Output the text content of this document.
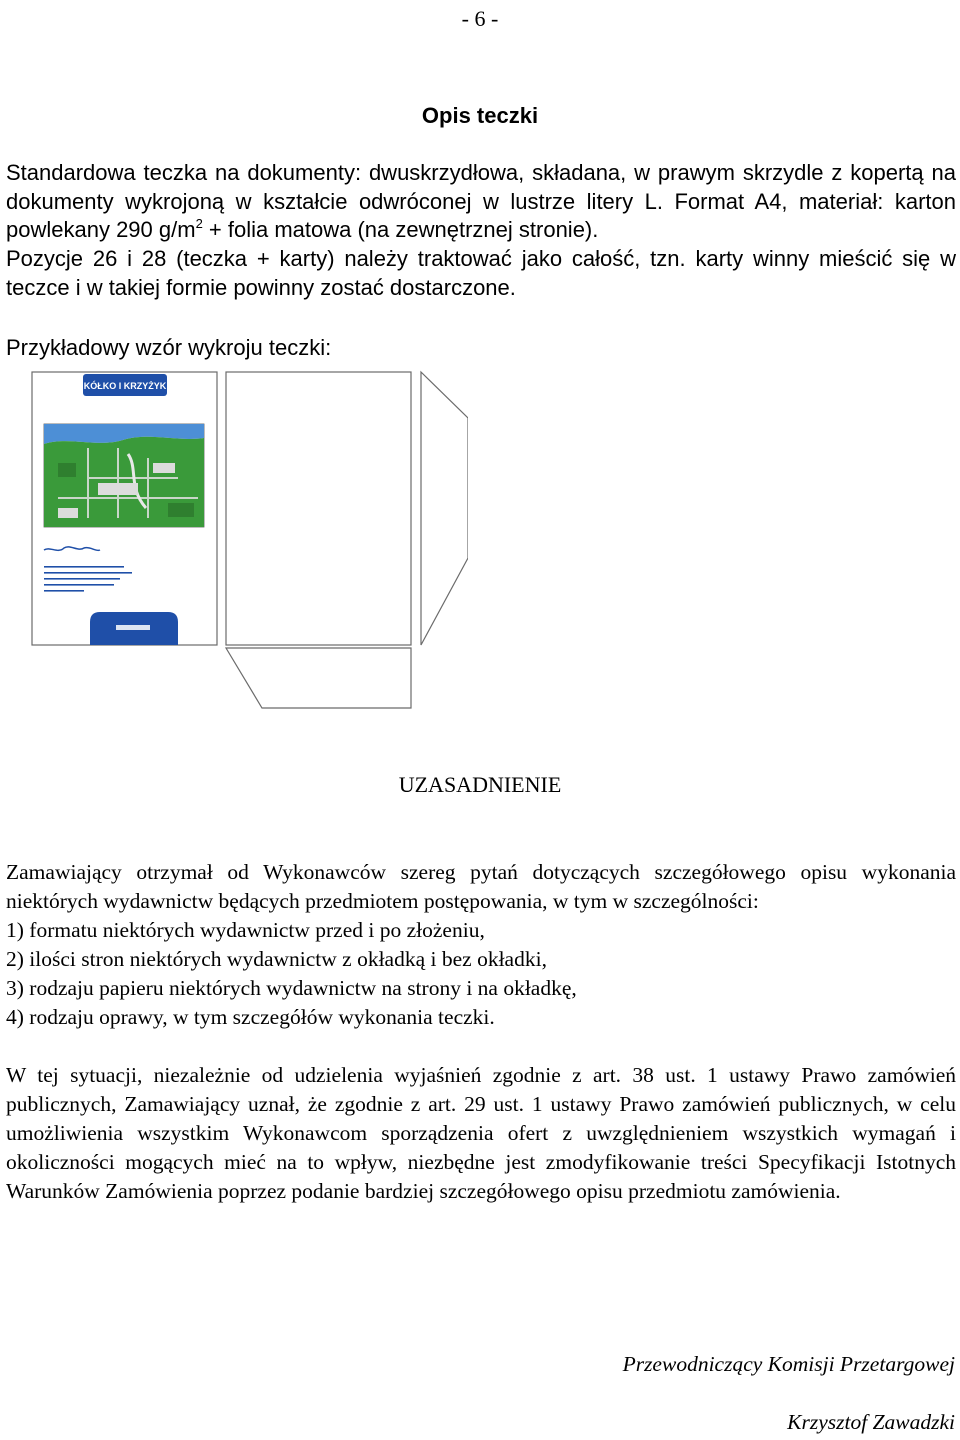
- 6 -
Opis teczki

Standardowa teczka na dokumenty: dwuskrzydłowa, składana, w prawym skrzydle z kopertą na dokumenty wykrojoną w kształcie odwróconej w lustrze litery L. Format A4, materiał: karton powlekany 290 $g/m^2$ + folia matowa (na zewnętrznej stronie).

Pozycje 26 i 28 (teczka + karty) należy traktować jako całość, tzn. karty winny mieścić się w teczce i w takiej formie powinny zostać dostarczone.

Przykładowy wzór wykroju teczki:
KÓŁKO I KRZYŻYK
UZASADNIENIE

Zamawiający otrzymał od Wykonawców szereg pytań dotyczących szczegółowego opisu wykonania niektórych wydawnictw będących przedmiotem postępowania, w tym w szczególności:

1) formatu niektórych wydawnictw przed i po złożeniu,
2) ilości stron niektórych wydawnictw z okładką i bez okładki,
3) rodzaju papieru niektórych wydawnictw na strony i na okładkę,
4) rodzaju oprawy, w tym szczegółów wykonania teczki.

W tej sytuacji, niezależnie od udzielenia wyjaśnień zgodnie z art. 38 ust. 1 ustawy Prawo zamówień publicznych, Zamawiający uznał, że zgodnie z art. 29 ust. 1 ustawy Prawo zamówień publicznych, w celu umożliwienia wszystkim Wykonawcom sporządzenia ofert z uwzględnieniem wszystkich wymagań i okoliczności mogących mieć na to wpływ, niezbędne jest zmodyfikowanie treści Specyfikacji Istotnych Warunków Zamówienia poprzez podanie bardziej szczegółowego opisu przedmiotu zamówienia.

Przewodniczący Komisji Przetargowej
Krzysztof Zawadzki
